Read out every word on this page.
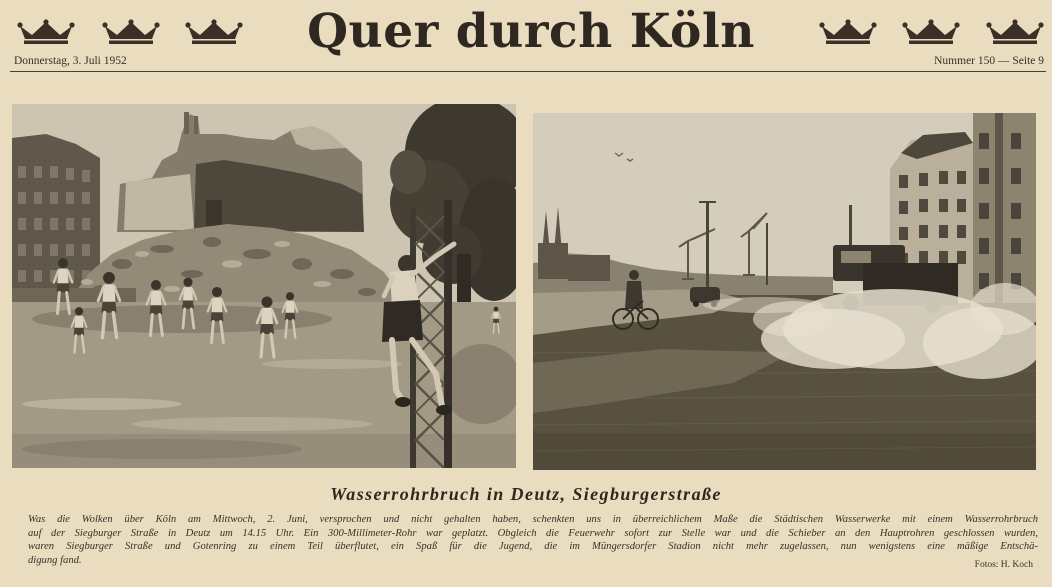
Quer durch Köln
Donnerstag, 3. Juli 1952	Nummer 150 — Seite 9
Wasserrohrbruch in Deutz, Siegburgerstraße
Was die Wolken über Köln am Mittwoch, 2. Juni, versprochen und nicht gehalten haben, schenkten uns in überreichlichem Maße die Städtischen Wasserwerke mit einem Wasserrohrbruch
auf der Siegburger Straße in Deutz um 14.15 Uhr. Ein 300-Millimeter-Rohr war geplatzt. Obgleich die Feuerwehr sofort zur Stelle war und die Schieber an den Hauptrohren geschlossen wurden,
waren Siegburger Straße und Gotenring zu einem Teil überflutet, ein Spaß für die Jugend, die im Müngersdorfer Stadion nicht mehr zugelassen, nun wenigstens eine mäßige Entschä-
digung fand.	Fotos: H. Koch
